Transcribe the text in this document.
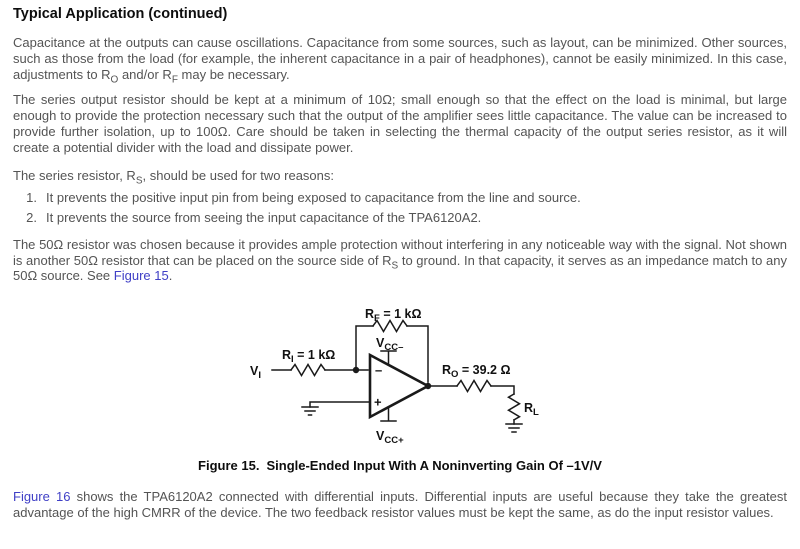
Typical Application (continued)

Capacitance at the outputs can cause oscillations. Capacitance from some sources, such as layout, can be minimized. Other sources, such as those from the load (for example, the inherent capacitance in a pair of headphones), cannot be easily minimized. In this case, adjustments to $R_O$ and/or $R_F$ may be necessary.

The series output resistor should be kept at a minimum of 10Ω; small enough so that the effect on the load is minimal, but large enough to provide the protection necessary such that the output of the amplifier sees little capacitance. The value can be increased to provide further isolation, up to 100Ω. Care should be taken in selecting the thermal capacity of the output series resistor, as it will create a potential divider with the load and dissipate power.

The series resistor, $R_S$, should be used for two reasons:

1. It prevents the positive input pin from being exposed to capacitance from the line and source.
2. It prevents the source from seeing the input capacitance of the TPA6120A2.

The 50Ω resistor was chosen because it provides ample protection without interfering in any noticeable way with the signal. Not shown is another 50Ω resistor that can be placed on the source side of $R_S$ to ground. In that capacity, it serves as an impedance match to any 50Ω source. See Figure 15.

$V_I$
$R_I = 1$ kΩ
$R_F = 1$ kΩ
$V_{CC-}$
$V_{CC+}$
$R_O = 39.2$ Ω
$R_L$
–
+
Figure 15. Single-Ended Input With A Noninverting Gain Of –1V/V

Figure 16 shows the TPA6120A2 connected with differential inputs. Differential inputs are useful because they take the greatest advantage of the high CMRR of the device. The two feedback resistor values must be kept the same, as do the input resistor values.
